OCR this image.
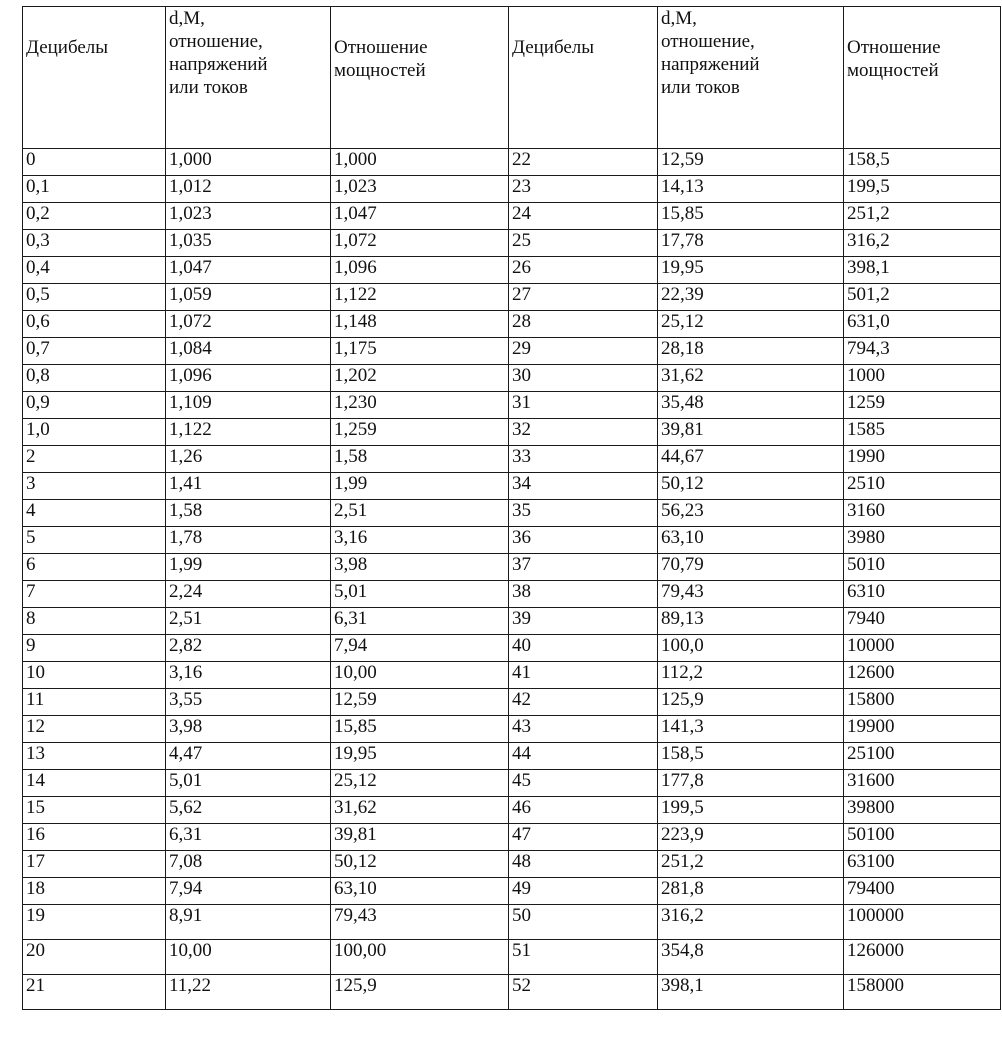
Децибелы	d,M,
отношение,
напряжений
или токов	Отношение
мощностей	Децибелы	d,M,
отношение,
напряжений
или токов	Отношение
мощностей

0	1,000	1,000	22	12,59	158,5
0,1	1,012	1,023	23	14,13	199,5
0,2	1,023	1,047	24	15,85	251,2
0,3	1,035	1,072	25	17,78	316,2
0,4	1,047	1,096	26	19,95	398,1
0,5	1,059	1,122	27	22,39	501,2
0,6	1,072	1,148	28	25,12	631,0
0,7	1,084	1,175	29	28,18	794,3
0,8	1,096	1,202	30	31,62	1000
0,9	1,109	1,230	31	35,48	1259
1,0	1,122	1,259	32	39,81	1585
2	1,26	1,58	33	44,67	1990
3	1,41	1,99	34	50,12	2510
4	1,58	2,51	35	56,23	3160
5	1,78	3,16	36	63,10	3980
6	1,99	3,98	37	70,79	5010
7	2,24	5,01	38	79,43	6310
8	2,51	6,31	39	89,13	7940
9	2,82	7,94	40	100,0	10000
10	3,16	10,00	41	112,2	12600
11	3,55	12,59	42	125,9	15800
12	3,98	15,85	43	141,3	19900
13	4,47	19,95	44	158,5	25100
14	5,01	25,12	45	177,8	31600
15	5,62	31,62	46	199,5	39800
16	6,31	39,81	47	223,9	50100
17	7,08	50,12	48	251,2	63100
18	7,94	63,10	49	281,8	79400
19	8,91	79,43	50	316,2	100000
20	10,00	100,00	51	354,8	126000
21	11,22	125,9	52	398,1	158000
